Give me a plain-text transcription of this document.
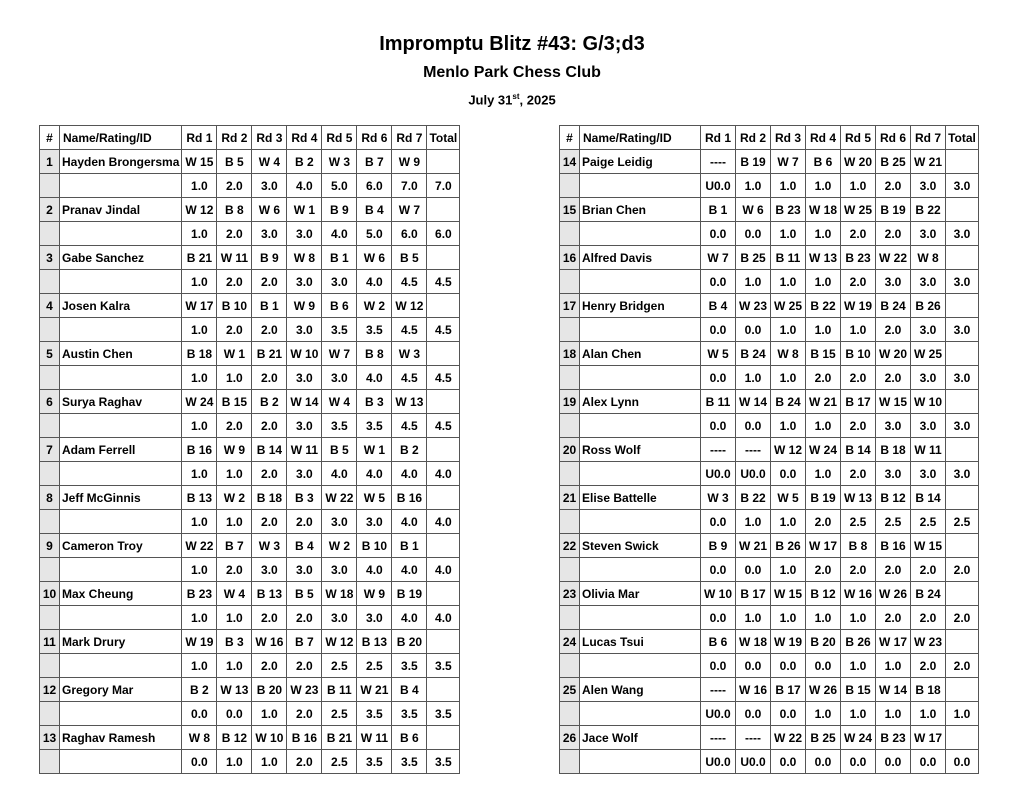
Impromptu Blitz #43: G/3;d3
Menlo Park Chess Club
July 31st, 2025
#	Name/Rating/ID	Rd 1	Rd 2	Rd 3	Rd 4	Rd 5	Rd 6	Rd 7	Total
1	Hayden Brongersma	W 15	B 5	W 4	B 2	W 3	B 7	W 9	
		1.0	2.0	3.0	4.0	5.0	6.0	7.0	7.0
2	Pranav Jindal	W 12	B 8	W 6	W 1	B 9	B 4	W 7	
		1.0	2.0	3.0	3.0	4.0	5.0	6.0	6.0
3	Gabe Sanchez	B 21	W 11	B 9	W 8	B 1	W 6	B 5	
		1.0	2.0	2.0	3.0	3.0	4.0	4.5	4.5
4	Josen Kalra	W 17	B 10	B 1	W 9	B 6	W 2	W 12	
		1.0	2.0	2.0	3.0	3.5	3.5	4.5	4.5
5	Austin Chen	B 18	W 1	B 21	W 10	W 7	B 8	W 3	
		1.0	1.0	2.0	3.0	3.0	4.0	4.5	4.5
6	Surya Raghav	W 24	B 15	B 2	W 14	W 4	B 3	W 13	
		1.0	2.0	2.0	3.0	3.5	3.5	4.5	4.5
7	Adam Ferrell	B 16	W 9	B 14	W 11	B 5	W 1	B 2	
		1.0	1.0	2.0	3.0	4.0	4.0	4.0	4.0
8	Jeff McGinnis	B 13	W 2	B 18	B 3	W 22	W 5	B 16	
		1.0	1.0	2.0	2.0	3.0	3.0	4.0	4.0
9	Cameron Troy	W 22	B 7	W 3	B 4	W 2	B 10	B 1	
		1.0	2.0	3.0	3.0	3.0	4.0	4.0	4.0
10	Max Cheung	B 23	W 4	B 13	B 5	W 18	W 9	B 19	
		1.0	1.0	2.0	2.0	3.0	3.0	4.0	4.0
11	Mark Drury	W 19	B 3	W 16	B 7	W 12	B 13	B 20	
		1.0	1.0	2.0	2.0	2.5	2.5	3.5	3.5
12	Gregory Mar	B 2	W 13	B 20	W 23	B 11	W 21	B 4	
		0.0	0.0	1.0	2.0	2.5	3.5	3.5	3.5
13	Raghav Ramesh	W 8	B 12	W 10	B 16	B 21	W 11	B 6	
		0.0	1.0	1.0	2.0	2.5	3.5	3.5	3.5
#	Name/Rating/ID	Rd 1	Rd 2	Rd 3	Rd 4	Rd 5	Rd 6	Rd 7	Total
14	Paige Leidig	----	B 19	W 7	B 6	W 20	B 25	W 21	
		U0.0	1.0	1.0	1.0	1.0	2.0	3.0	3.0
15	Brian Chen	B 1	W 6	B 23	W 18	W 25	B 19	B 22	
		0.0	0.0	1.0	1.0	2.0	2.0	3.0	3.0
16	Alfred Davis	W 7	B 25	B 11	W 13	B 23	W 22	W 8	
		0.0	1.0	1.0	1.0	2.0	3.0	3.0	3.0
17	Henry Bridgen	B 4	W 23	W 25	B 22	W 19	B 24	B 26	
		0.0	0.0	1.0	1.0	1.0	2.0	3.0	3.0
18	Alan Chen	W 5	B 24	W 8	B 15	B 10	W 20	W 25	
		0.0	1.0	1.0	2.0	2.0	2.0	3.0	3.0
19	Alex Lynn	B 11	W 14	B 24	W 21	B 17	W 15	W 10	
		0.0	0.0	1.0	1.0	2.0	3.0	3.0	3.0
20	Ross Wolf	----	----	W 12	W 24	B 14	B 18	W 11	
		U0.0	U0.0	0.0	1.0	2.0	3.0	3.0	3.0
21	Elise Battelle	W 3	B 22	W 5	B 19	W 13	B 12	B 14	
		0.0	1.0	1.0	2.0	2.5	2.5	2.5	2.5
22	Steven Swick	B 9	W 21	B 26	W 17	B 8	B 16	W 15	
		0.0	0.0	1.0	2.0	2.0	2.0	2.0	2.0
23	Olivia Mar	W 10	B 17	W 15	B 12	W 16	W 26	B 24	
		0.0	1.0	1.0	1.0	1.0	2.0	2.0	2.0
24	Lucas Tsui	B 6	W 18	W 19	B 20	B 26	W 17	W 23	
		0.0	0.0	0.0	0.0	1.0	1.0	2.0	2.0
25	Alen Wang	----	W 16	B 17	W 26	B 15	W 14	B 18	
		U0.0	0.0	0.0	1.0	1.0	1.0	1.0	1.0
26	Jace Wolf	----	----	W 22	B 25	W 24	B 23	W 17	
		U0.0	U0.0	0.0	0.0	0.0	0.0	0.0	0.0
